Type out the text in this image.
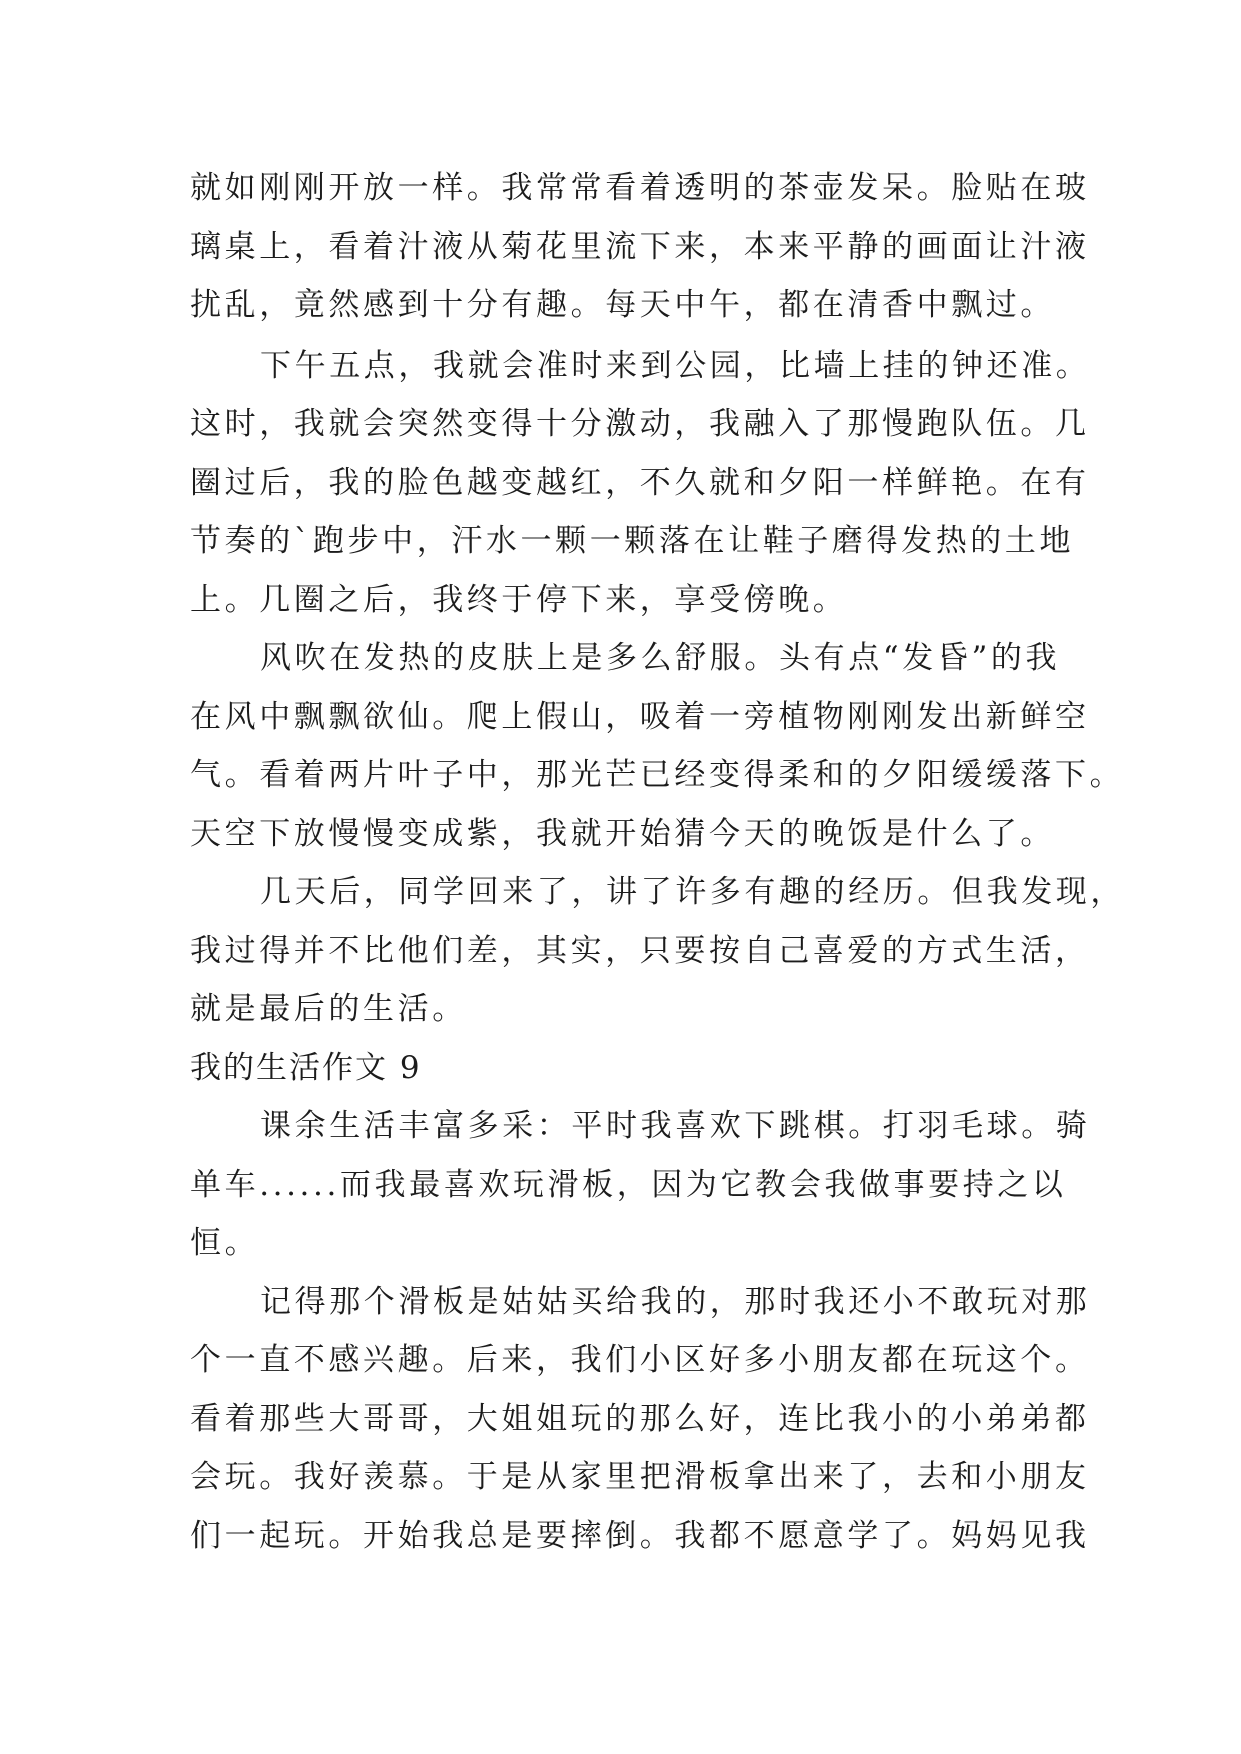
就如刚刚开放一样。我常常看着透明的茶壶发呆。脸贴在玻
璃桌上，看着汁液从菊花里流下来，本来平静的画面让汁液
扰乱，竟然感到十分有趣。每天中午，都在清香中飘过。
下午五点，我就会准时来到公园，比墙上挂的钟还准。
这时，我就会突然变得十分激动，我融入了那慢跑队伍。几
圈过后，我的脸色越变越红，不久就和夕阳一样鲜艳。在有
节奏的`跑步中，汗水一颗一颗落在让鞋子磨得发热的土地
上。几圈之后，我终于停下来，享受傍晚。
风吹在发热的皮肤上是多么舒服。头有点“发昏”的我
在风中飘飘欲仙。爬上假山，吸着一旁植物刚刚发出新鲜空
气。看着两片叶子中，那光芒已经变得柔和的夕阳缓缓落下。
天空下放慢慢变成紫，我就开始猜今天的晚饭是什么了。
几天后，同学回来了，讲了许多有趣的经历。但我发现，
我过得并不比他们差，其实，只要按自己喜爱的方式生活，
就是最后的生活。
我的生活作文 9
课余生活丰富多采：平时我喜欢下跳棋。打羽毛球。骑
单车......而我最喜欢玩滑板，因为它教会我做事要持之以
恒。
记得那个滑板是姑姑买给我的，那时我还小不敢玩对那
个一直不感兴趣。后来，我们小区好多小朋友都在玩这个。
看着那些大哥哥，大姐姐玩的那么好，连比我小的小弟弟都
会玩。我好羡慕。于是从家里把滑板拿出来了，去和小朋友
们一起玩。开始我总是要摔倒。我都不愿意学了。妈妈见我
